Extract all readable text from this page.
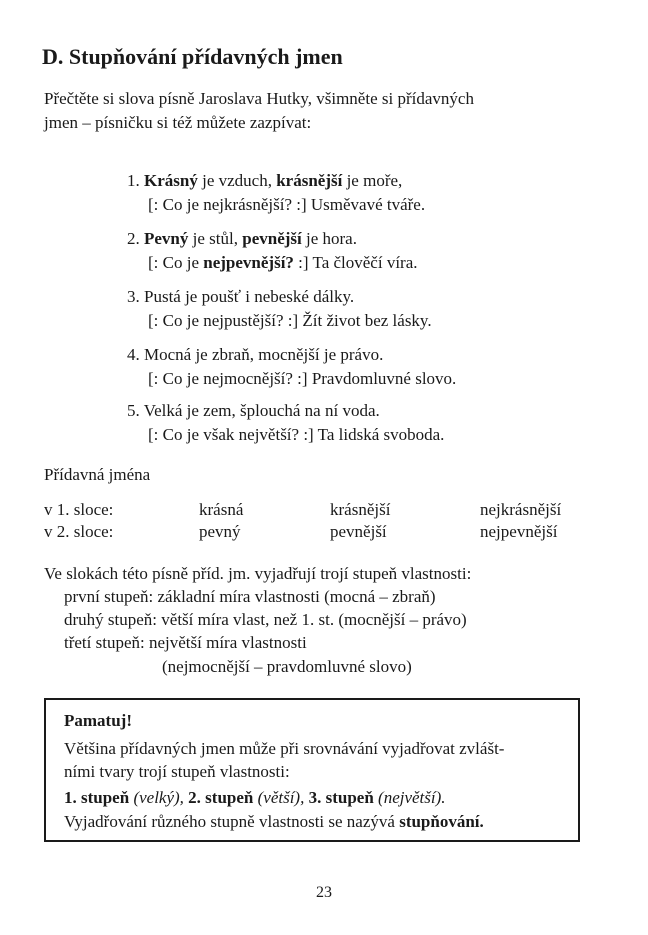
D. Stupňování přídavných jmen
Přečtěte si slova písně Jaroslava Hutky, všimněte si přídavných
jmen – písničku si též můžete zazpívat:
1. Krásný je vzduch, krásnější je moře,
[: Co je nejkrásnější? :] Usměvavé tváře.
2. Pevný je stůl, pevnější je hora.
[: Co je nejpevnější? :] Ta člověčí víra.
3. Pustá je poušť i nebeské dálky.
[: Co je nejpustější? :] Žít život bez lásky.
4. Mocná je zbraň, mocnější je právo.
[: Co je nejmocnější? :] Pravdomluvné slovo.
5. Velká je zem, šplouchá na ní voda.
[: Co je však největší? :] Ta lidská svoboda.
Přídavná jména
v 1. sloce:	krásná	krásnější	nejkrásnější
v 2. sloce:	pevný	pevnější	nejpevnější
Ve slokách této písně příd. jm. vyjadřují trojí stupeň vlastnosti:
první stupeň: základní míra vlastnosti (mocná – zbraň)
druhý stupeň: větší míra vlast, než 1. st. (mocnější – právo)
třetí stupeň: největší míra vlastnosti
(nejmocnější – pravdomluvné slovo)
Pamatuj!
Většina přídavných jmen může při srovnávání vyjadřovat zvlášt-
ními tvary trojí stupeň vlastnosti:
1. stupeň (velký), 2. stupeň (větší), 3. stupeň (největší).
Vyjadřování různého stupně vlastnosti se nazývá stupňování.
23
